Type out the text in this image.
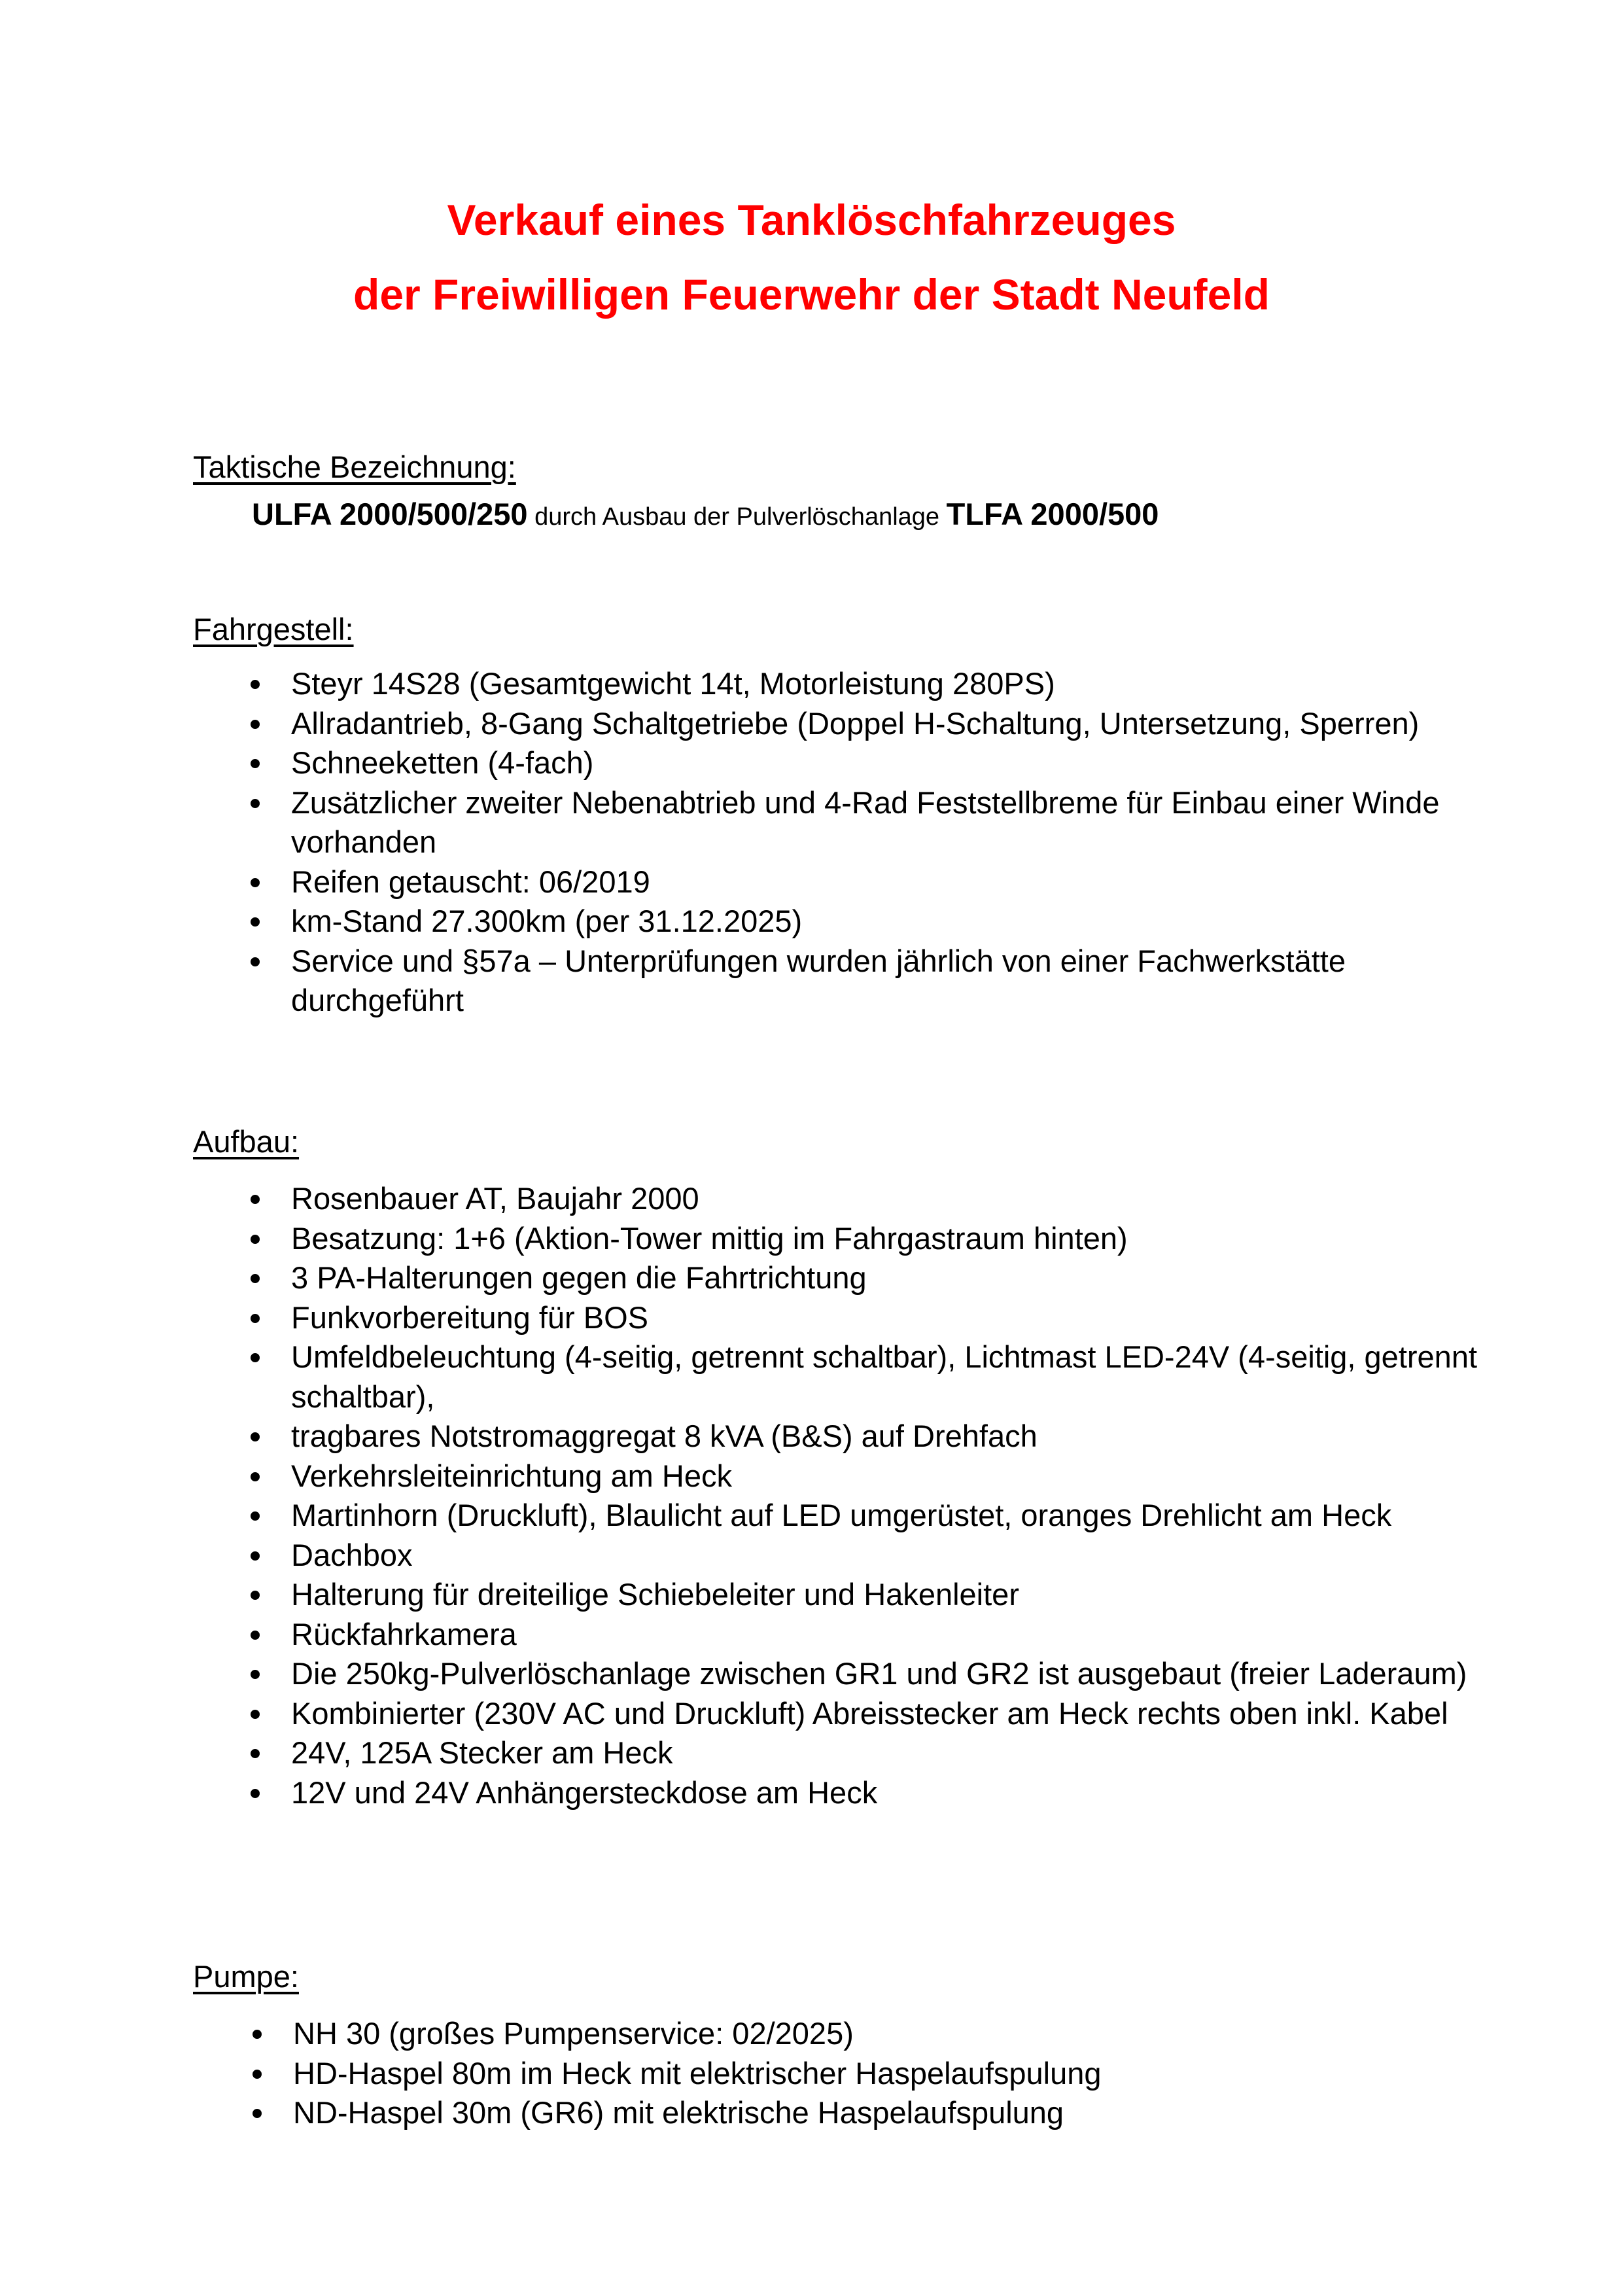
Verkauf eines Tanklöschfahrzeuges
der Freiwilligen Feuerwehr der Stadt Neufeld
Taktische Bezeichnung:
ULFA 2000/500/250 durch Ausbau der Pulverlöschanlage TLFA 2000/500
Fahrgestell:
Steyr 14S28 (Gesamtgewicht 14t, Motorleistung 280PS)
Allradantrieb, 8-Gang Schaltgetriebe (Doppel H-Schaltung, Untersetzung, Sperren)
Schneeketten (4-fach)
Zusätzlicher zweiter Nebenabtrieb und 4-Rad Feststellbreme für Einbau einer Winde vorhanden
Reifen getauscht: 06/2019
km-Stand 27.300km (per 31.12.2025)
Service und §57a – Unterprüfungen wurden jährlich von einer Fachwerkstätte durchgeführt
Aufbau:
Rosenbauer AT, Baujahr 2000
Besatzung: 1+6 (Aktion-Tower mittig im Fahrgastraum hinten)
3 PA-Halterungen gegen die Fahrtrichtung
Funkvorbereitung für BOS
Umfeldbeleuchtung (4-seitig, getrennt schaltbar), Lichtmast LED-24V (4-seitig, getrennt schaltbar),
tragbares Notstromaggregat 8 kVA (B&S) auf Drehfach
Verkehrsleiteinrichtung am Heck
Martinhorn (Druckluft), Blaulicht auf LED umgerüstet, oranges Drehlicht am Heck
Dachbox
Halterung für dreiteilige Schiebeleiter und Hakenleiter
Rückfahrkamera
Die 250kg-Pulverlöschanlage zwischen GR1 und GR2 ist ausgebaut (freier Laderaum)
Kombinierter (230V AC und Druckluft) Abreisstecker am Heck rechts oben inkl. Kabel
24V, 125A Stecker am Heck
12V und 24V Anhängersteckdose am Heck
Pumpe:
NH 30 (großes Pumpenservice: 02/2025)
HD-Haspel 80m im Heck mit elektrischer Haspelaufspulung
ND-Haspel 30m (GR6) mit elektrische Haspelaufspulung
